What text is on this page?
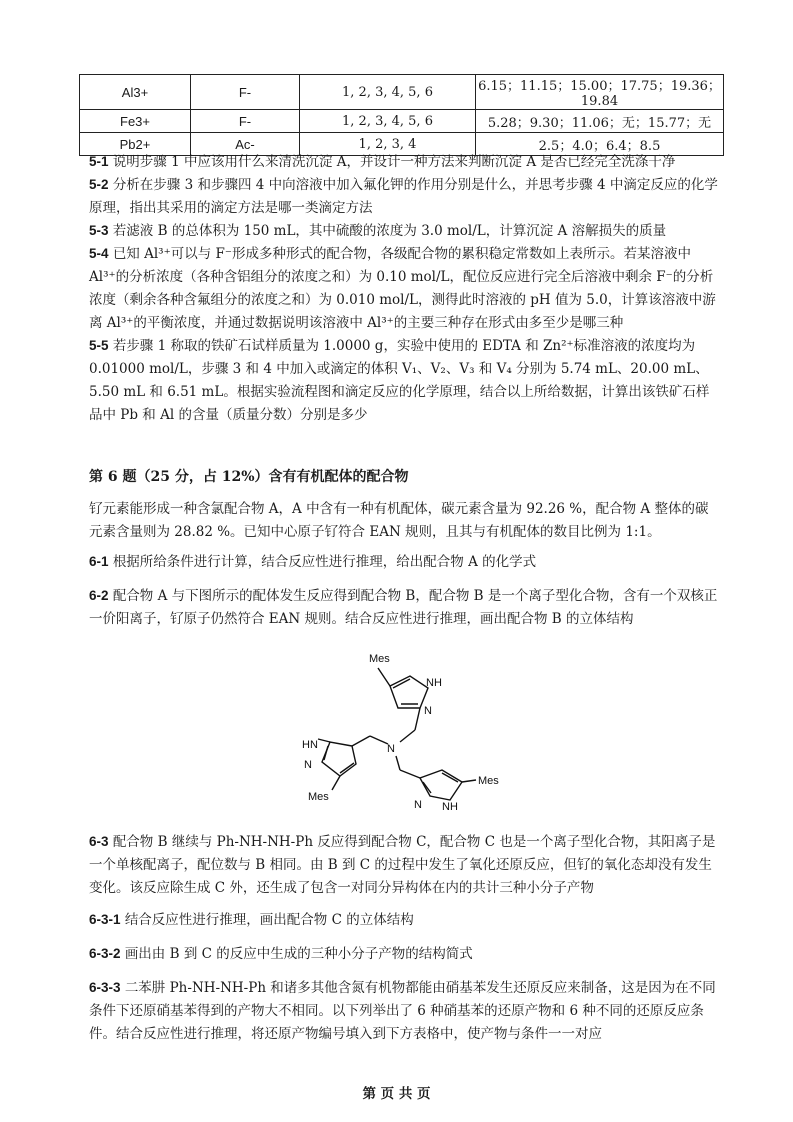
Al3+	F-	1, 2, 3, 4, 5, 6	6.15；11.15；15.00；17.75；19.36；19.84
Fe3+	F-	1, 2, 3, 4, 5, 6	5.28；9.30；11.06；无；15.77；无
Pb2+	Ac-	1, 2, 3, 4	2.5；4.0；6.4；8.5
5-1 说明步骤 1 中应该用什么来清洗沉淀 A，并设计一种方法来判断沉淀 A 是否已经完全洗涤干净
5-2 分析在步骤 3 和步骤四 4 中向溶液中加入氟化钾的作用分别是什么，并思考步骤 4 中滴定反应的化学原理，指出其采用的滴定方法是哪一类滴定方法
5-3 若滤液 B 的总体积为 150 mL，其中硫酸的浓度为 3.0 mol/L，计算沉淀 A 溶解损失的质量
5-4 已知 Al³⁺可以与 F⁻形成多种形式的配合物，各级配合物的累积稳定常数如上表所示。若某溶液中 Al³⁺的分析浓度（各种含铝组分的浓度之和）为 0.10 mol/L，配位反应进行完全后溶液中剩余 F⁻的分析浓度（剩余各种含氟组分的浓度之和）为 0.010 mol/L，测得此时溶液的 pH 值为 5.0，计算该溶液中游离 Al³⁺的平衡浓度，并通过数据说明该溶液中 Al³⁺的主要三种存在形式由多至少是哪三种
5-5 若步骤 1 称取的铁矿石试样质量为 1.0000 g，实验中使用的 EDTA 和 Zn²⁺标准溶液的浓度均为 0.01000 mol/L，步骤 3 和 4 中加入或滴定的体积 V₁、V₂、V₃ 和 V₄ 分别为 5.74 mL、20.00 mL、5.50 mL 和 6.51 mL。根据实验流程图和滴定反应的化学原理，结合以上所给数据，计算出该铁矿石样品中 Pb 和 Al 的含量（质量分数）分别是多少
第 6 题（25 分，占 12%）含有有机配体的配合物
钌元素能形成一种含氯配合物 A，A 中含有一种有机配体，碳元素含量为 92.26 %，配合物 A 整体的碳元素含量则为 28.82 %。已知中心原子钌符合 EAN 规则，且其与有机配体的数目比例为 1:1。
6-1 根据所给条件进行计算，结合反应性进行推理，给出配合物 A 的化学式
6-2 配合物 A 与下图所示的配体发生反应得到配合物 B，配合物 B 是一个离子型化合物，含有一个双核正一价阳离子，钌原子仍然符合 EAN 规则。结合反应性进行推理，画出配合物 B 的立体结构
Mes
NH
N
N
HN
N
Mes
Mes
N NH
6-3 配合物 B 继续与 Ph-NH-NH-Ph 反应得到配合物 C，配合物 C 也是一个离子型化合物，其阳离子是一个单核配离子，配位数与 B 相同。由 B 到 C 的过程中发生了氧化还原反应，但钌的氧化态却没有发生变化。该反应除生成 C 外，还生成了包含一对同分异构体在内的共计三种小分子产物
6-3-1 结合反应性进行推理，画出配合物 C 的立体结构
6-3-2 画出由 B 到 C 的反应中生成的三种小分子产物的结构简式
6-3-3 二苯肼 Ph-NH-NH-Ph 和诸多其他含氮有机物都能由硝基苯发生还原反应来制备，这是因为在不同条件下还原硝基苯得到的产物大不相同。以下列举出了 6 种硝基苯的还原产物和 6 种不同的还原反应条件。结合反应性进行推理，将还原产物编号填入到下方表格中，使产物与条件一一对应
第 页 共 页
